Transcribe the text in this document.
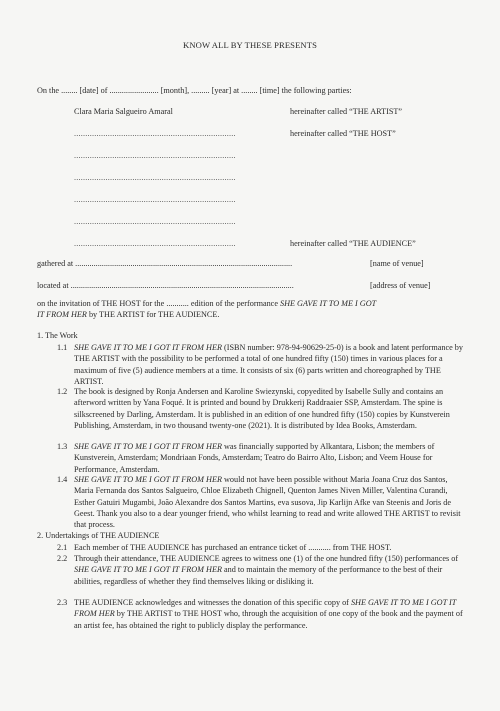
KNOW ALL BY THESE PRESENTS
On the ........ [date] of ........................ [month], ......... [year] at ........ [time] the following parties:
Clara Maria Salgueiro Amaral	hereinafter called “THE ARTIST”
........................................................................	hereinafter called “THE HOST”
........................................................................
........................................................................
........................................................................
........................................................................
........................................................................	hereinafter called “THE AUDIENCE”
gathered at ..........................................................................................................	[name of venue]
located at .............................................................................................................	[address of venue]
on the invitation of THE HOST for the ........... edition of the performance SHE GAVE IT TO ME I GOT
IT FROM HER by THE ARTIST for THE AUDIENCE.
1. The Work
1.1 SHE GAVE IT TO ME I GOT IT FROM HER (ISBN number: 978-94-90629-25-0) is a book and latent performance by THE ARTIST with the possibility to be performed a total of one hundred fifty (150) times in various places for a maximum of five (5) audience members at a time. It consists of six (6) parts written and choreographed by THE ARTIST.
1.2 The book is designed by Ronja Andersen and Karoline Swiezynski, copyedited by Isabelle Sully and contains an afterword written by Yana Foqué. It is printed and bound by Drukkerij Raddraaier SSP, Amsterdam. The spine is silkscreened by Darling, Amsterdam. It is published in an edition of one hundred fifty (150) copies by Kunstverein Publishing, Amsterdam, in two thousand twenty-one (2021). It is distributed by Idea Books, Amsterdam.
1.3 SHE GAVE IT TO ME I GOT IT FROM HER was financially supported by Alkantara, Lisbon; the members of Kunstverein, Amsterdam; Mondriaan Fonds, Amsterdam; Teatro do Bairro Alto, Lisbon; and Veem House for Performance, Amsterdam.
1.4 SHE GAVE IT TO ME I GOT IT FROM HER would not have been possible without Maria Joana Cruz dos Santos, Maria Fernanda dos Santos Salgueiro, Chloe Elizabeth Chignell, Quenton James Niven Miller, Valentina Curandi, Esther Gatuiri Mugambi, João Alexandre dos Santos Martins, eva susova, Jip Karlijn Afke van Steenis and Joris de Geest. Thank you also to a dear younger friend, who whilst learning to read and write allowed THE ARTIST to revisit that process.
2. Undertakings of THE AUDIENCE
2.1 Each member of THE AUDIENCE has purchased an entrance ticket of ........... from THE HOST.
2.2 Through their attendance, THE AUDIENCE agrees to witness one (1) of the one hundred fifty (150) performances of SHE GAVE IT TO ME I GOT IT FROM HER and to maintain the memory of the performance to the best of their abilities, regardless of whether they find themselves liking or disliking it.
2.3 THE AUDIENCE acknowledges and witnesses the donation of this specific copy of SHE GAVE IT TO ME I GOT IT FROM HER by THE ARTIST to THE HOST who, through the acquisition of one copy of the book and the payment of an artist fee, has obtained the right to publicly display the performance.
